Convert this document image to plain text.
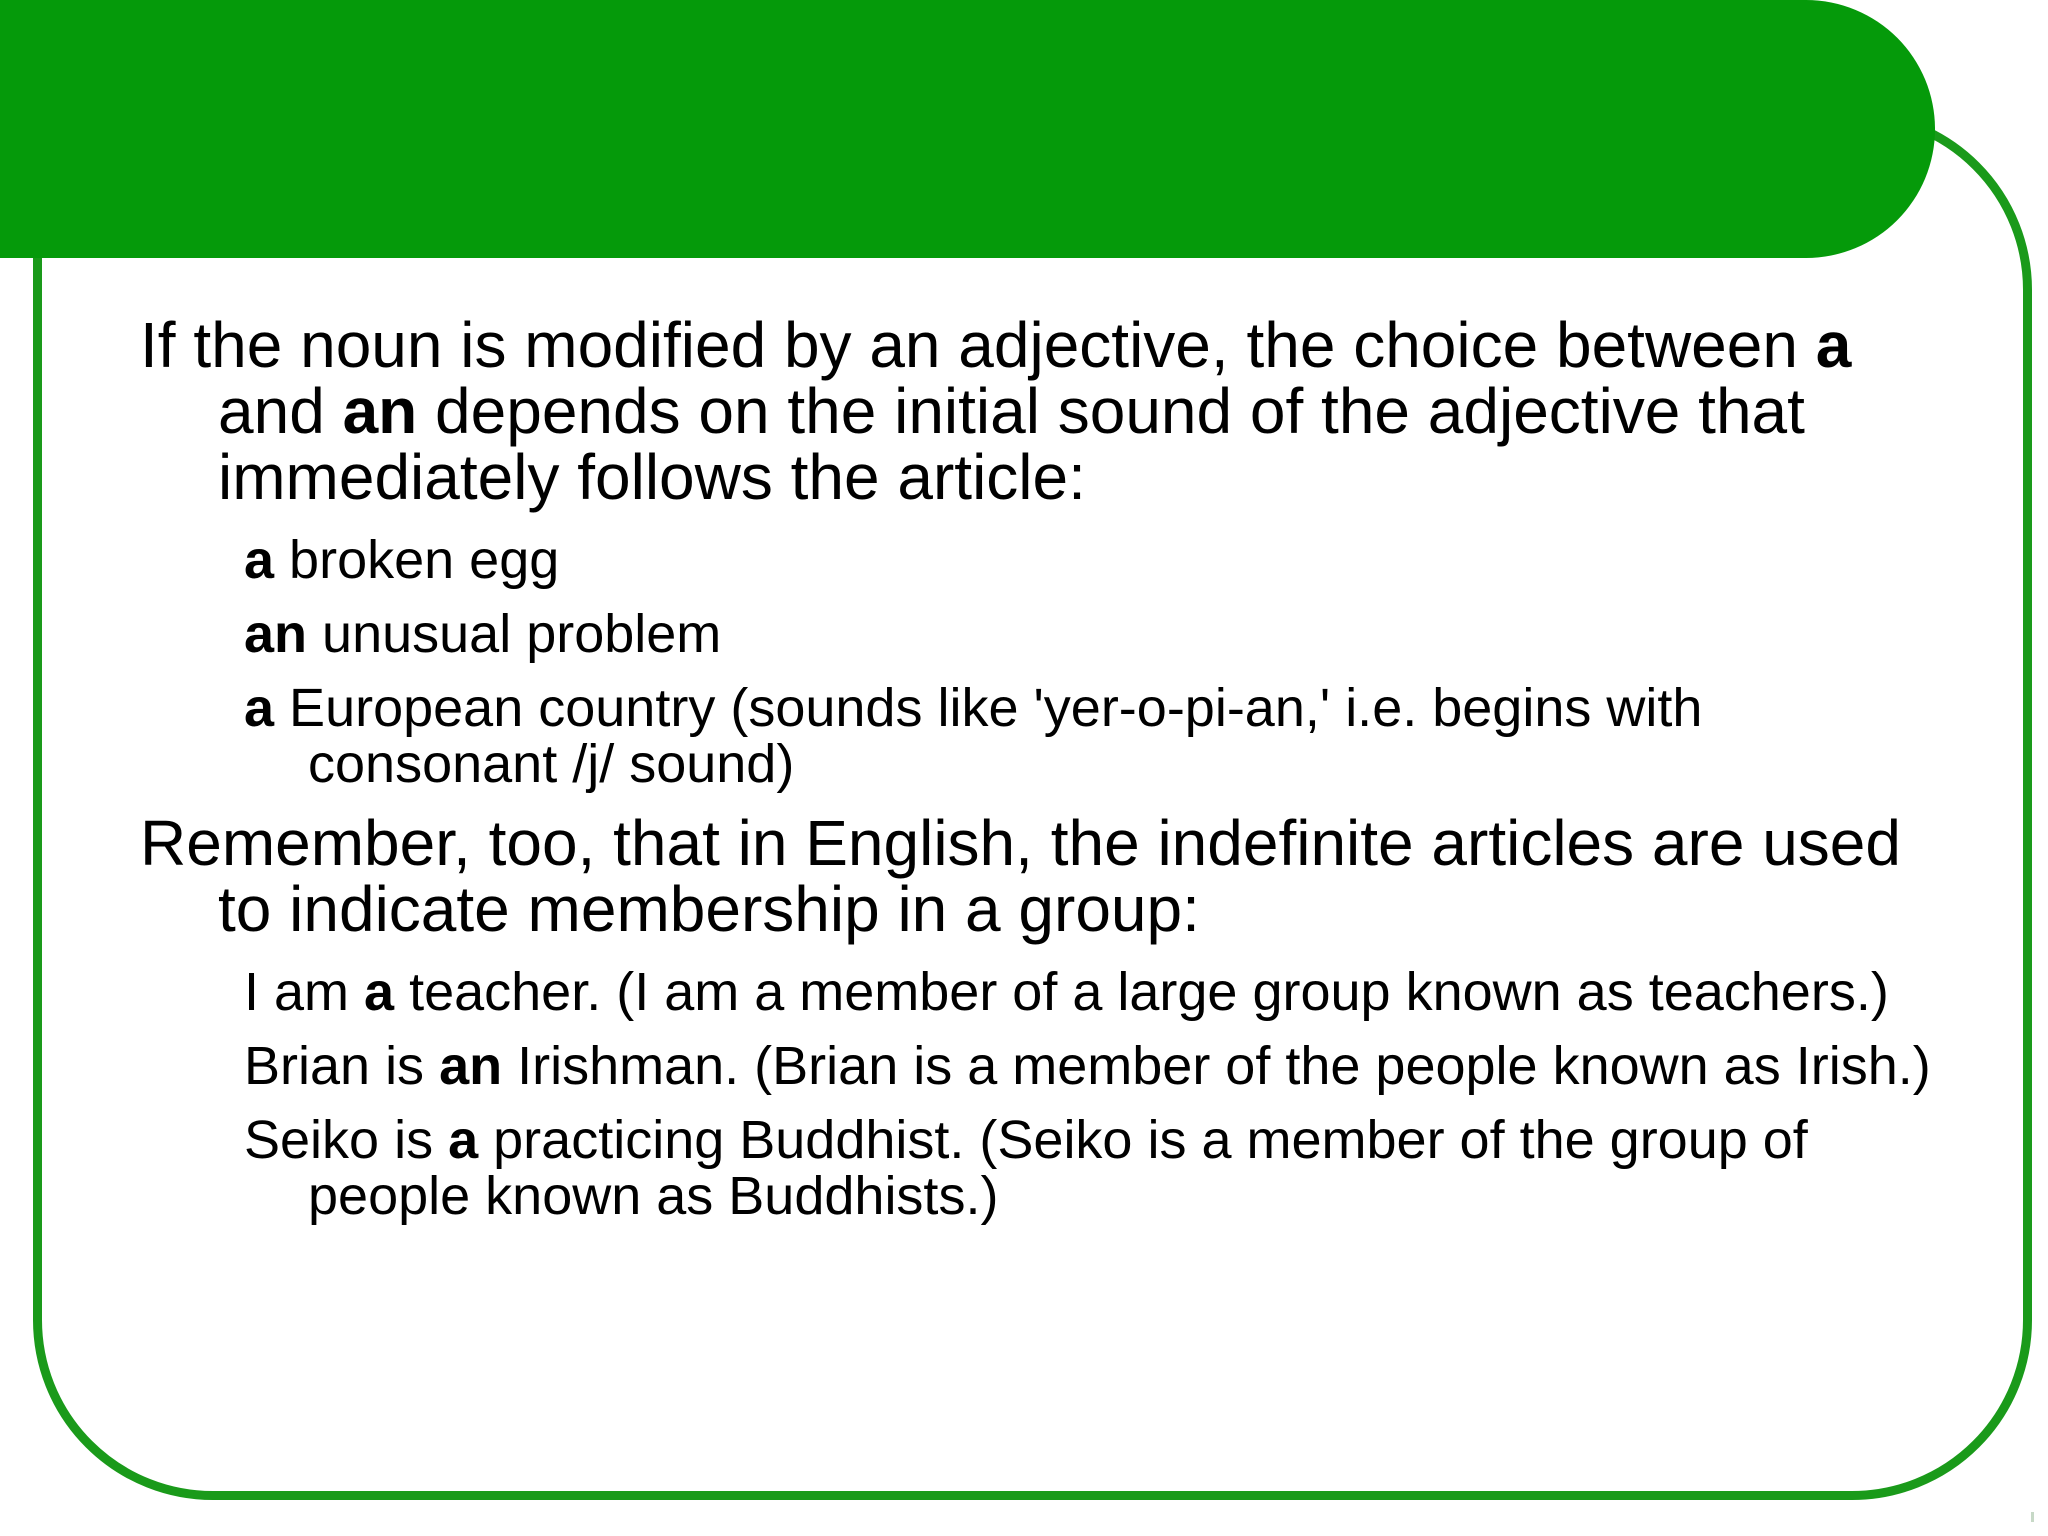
If the noun is modified by an adjective, the choice between a and an depends on the initial sound of the adjective that immediately follows the article:

a broken egg

an unusual problem

a European country (sounds like 'yer-o-pi-an,' i.e. begins with consonant /j/ sound)

Remember, too, that in English, the indefinite articles are used to indicate membership in a group:

I am a teacher. (I am a member of a large group known as teachers.)

Brian is an Irishman. (Brian is a member of the people known as Irish.)

Seiko is a practicing Buddhist. (Seiko is a member of the group of people known as Buddhists.)
